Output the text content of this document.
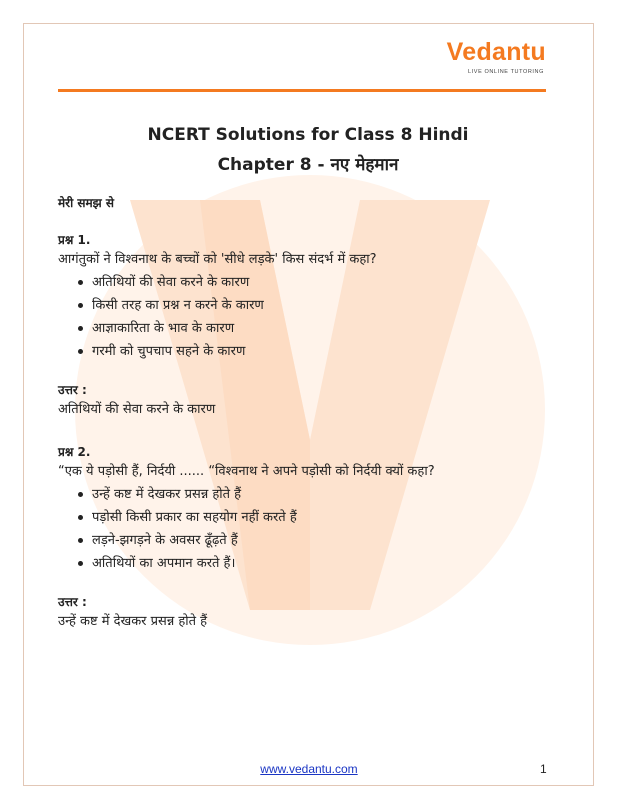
Vedantu
LIVE ONLINE TUTORING
NCERT Solutions for Class 8 Hindi
Chapter 8 - नए मेहमान
मेरी समझ से
प्रश्न 1.
आगंतुकों ने विश्वनाथ के बच्चों को 'सीधे लड़के' किस संदर्भ में कहा?
अतिथियों की सेवा करने के कारण
किसी तरह का प्रश्न न करने के कारण
आज्ञाकारिता के भाव के कारण
गरमी को चुपचाप सहने के कारण
उत्तर :
अतिथियों की सेवा करने के कारण
प्रश्न 2.
“एक ये पड़ोसी हैं, निर्दयी ...... “विश्वनाथ ने अपने पड़ोसी को निर्दयी क्यों कहा?
उन्हें कष्ट में देखकर प्रसन्न होते हैं
पड़ोसी किसी प्रकार का सहयोग नहीं करते हैं
लड़ने-झगड़ने के अवसर ढूँढ़ते हैं
अतिथियों का अपमान करते हैं।
उत्तर :
उन्हें कष्ट में देखकर प्रसन्न होते हैं
www.vedantu.com	1
